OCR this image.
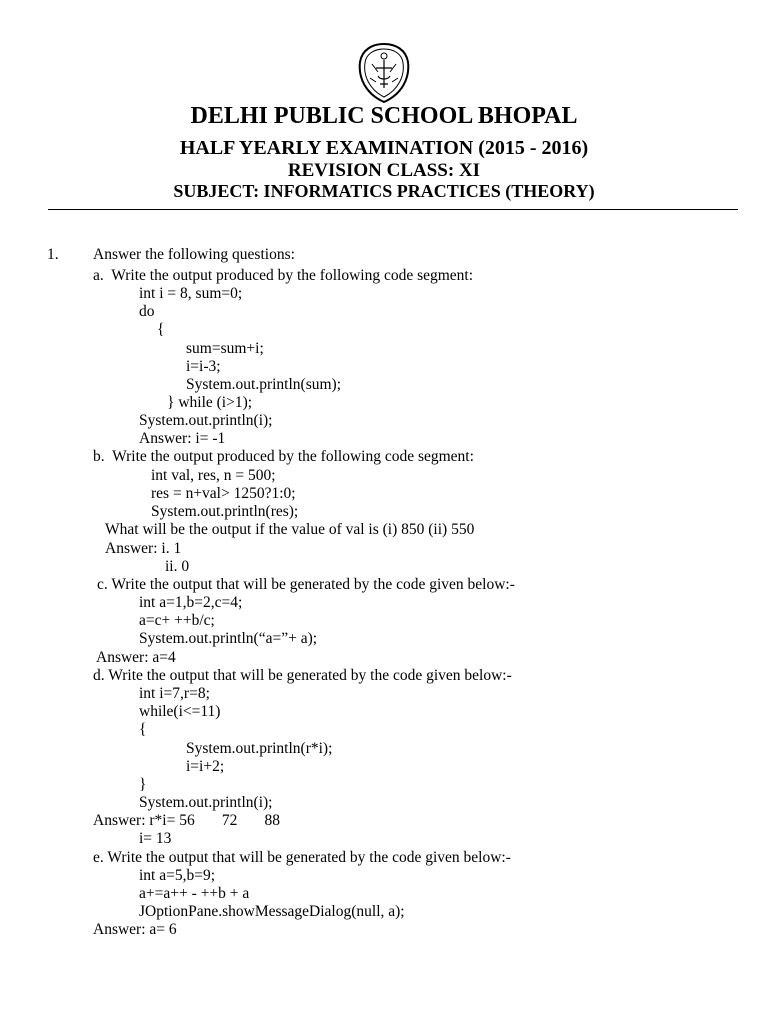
DELHI PUBLIC SCHOOL BHOPAL
HALF YEARLY EXAMINATION (2015 - 2016)
REVISION CLASS: XI
SUBJECT: INFORMATICS PRACTICES (THEORY)
1. Answer the following questions:
a.  Write the output produced by the following code segment:
int i = 8, sum=0;
do
{
sum=sum+i;
i=i-3;
System.out.println(sum);
} while (i>1);
System.out.println(i);
Answer: i= -1
b.  Write the output produced by the following code segment:
int val, res, n = 500;
res = n+val> 1250?1:0;
System.out.println(res);
What will be the output if the value of val is (i) 850 (ii) 550
Answer: i. 1
ii. 0
c. Write the output that will be generated by the code given below:-
int a=1,b=2,c=4;
a=c+ ++b/c;
System.out.println(“a=”+ a);
Answer: a=4
d. Write the output that will be generated by the code given below:-
int i=7,r=8;
while(i<=11)
{
System.out.println(r*i);
i=i+2;
}
System.out.println(i);
Answer: r*i= 56       72       88
i= 13
e. Write the output that will be generated by the code given below:-
int a=5,b=9;
a+=a++ - ++b + a
JOptionPane.showMessageDialog(null, a);
Answer: a= 6
